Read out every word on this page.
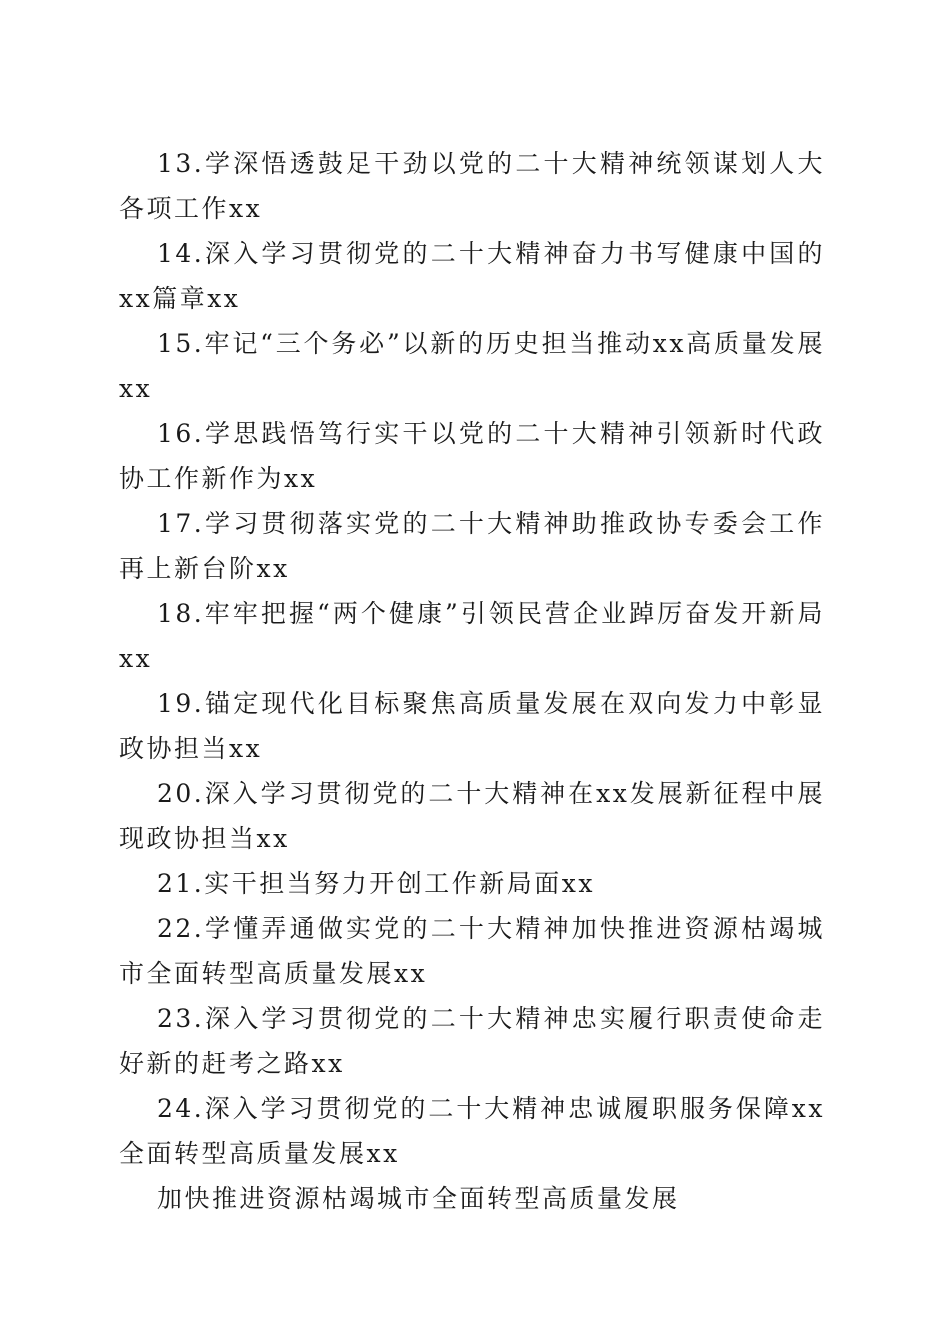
13.学深悟透鼓足干劲以党的二十大精神统领谋划人大各项工作xx

14.深入学习贯彻党的二十大精神奋力书写健康中国的xx篇章xx

15.牢记“三个务必”以新的历史担当推动xx高质量发展xx

16.学思践悟笃行实干以党的二十大精神引领新时代政协工作新作为xx

17.学习贯彻落实党的二十大精神助推政协专委会工作再上新台阶xx

18.牢牢把握“两个健康”引领民营企业踔厉奋发开新局xx

19.锚定现代化目标聚焦高质量发展在双向发力中彰显政协担当xx

20.深入学习贯彻党的二十大精神在xx发展新征程中展现政协担当xx

21.实干担当努力开创工作新局面xx

22.学懂弄通做实党的二十大精神加快推进资源枯竭城市全面转型高质量发展xx

23.深入学习贯彻党的二十大精神忠实履行职责使命走好新的赶考之路xx

24.深入学习贯彻党的二十大精神忠诚履职服务保障xx全面转型高质量发展xx

加快推进资源枯竭城市全面转型高质量发展
